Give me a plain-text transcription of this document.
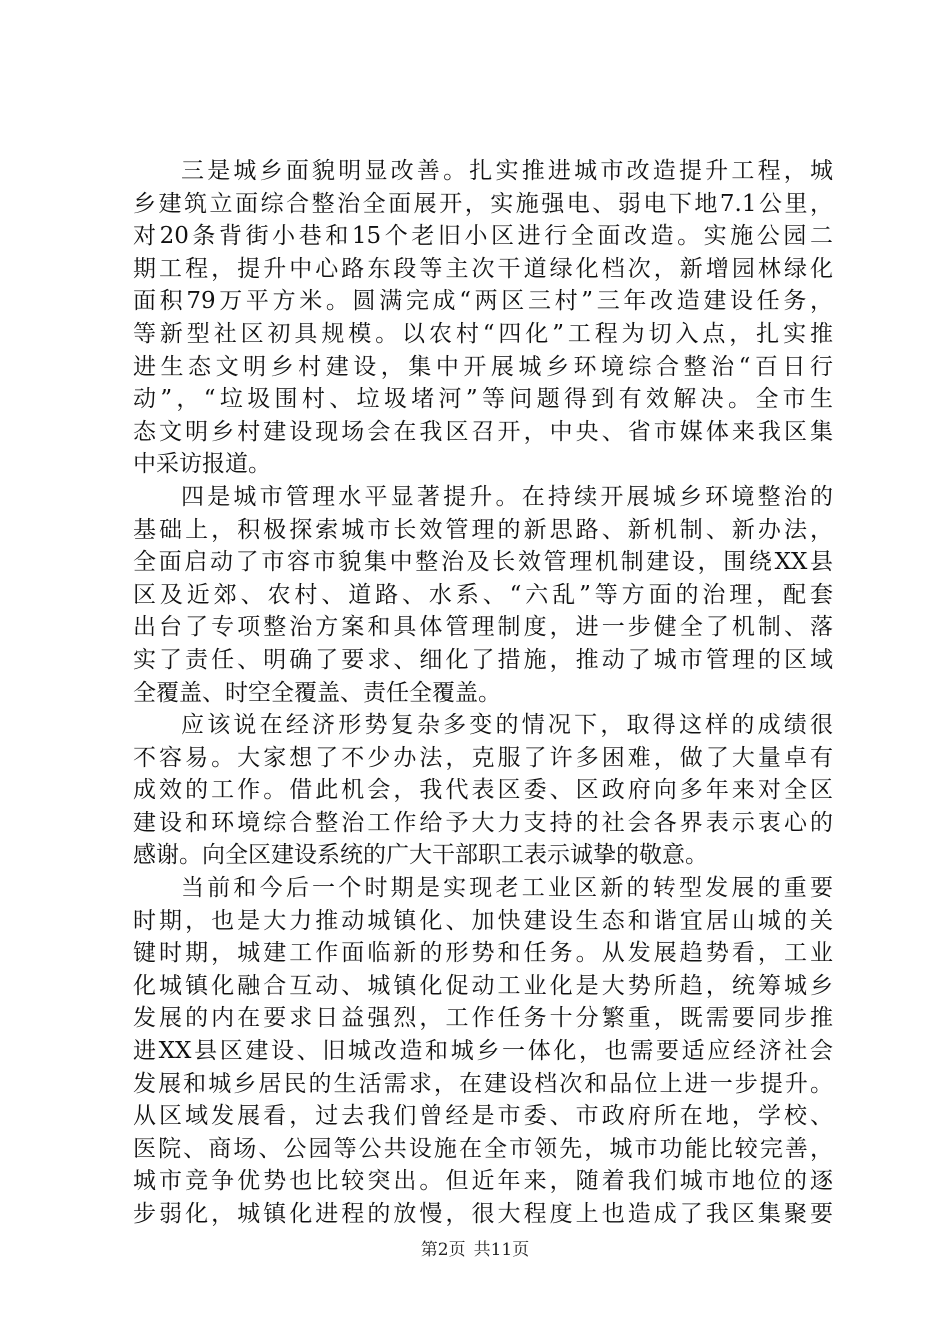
三是城乡面貌明显改善。扎实推进城市改造提升工程，城
乡建筑立面综合整治全面展开，实施强电、弱电下地7.1公里，
对20条背街小巷和15个老旧小区进行全面改造。实施公园二
期工程，提升中心路东段等主次干道绿化档次，新增园林绿化
面积79万平方米。圆满完成“两区三村”三年改造建设任务，
等新型社区初具规模。以农村“四化”工程为切入点，扎实推
进生态文明乡村建设，集中开展城乡环境综合整治“百日行
动”，“垃圾围村、垃圾堵河”等问题得到有效解决。全市生
态文明乡村建设现场会在我区召开，中央、省市媒体来我区集
中采访报道。
四是城市管理水平显著提升。在持续开展城乡环境整治的
基础上，积极探索城市长效管理的新思路、新机制、新办法，
全面启动了市容市貌集中整治及长效管理机制建设，围绕XX县
区及近郊、农村、道路、水系、“六乱”等方面的治理，配套
出台了专项整治方案和具体管理制度，进一步健全了机制、落
实了责任、明确了要求、细化了措施，推动了城市管理的区域
全覆盖、时空全覆盖、责任全覆盖。
应该说在经济形势复杂多变的情况下，取得这样的成绩很
不容易。大家想了不少办法，克服了许多困难，做了大量卓有
成效的工作。借此机会，我代表区委、区政府向多年来对全区
建设和环境综合整治工作给予大力支持的社会各界表示衷心的
感谢。向全区建设系统的广大干部职工表示诚挚的敬意。
当前和今后一个时期是实现老工业区新的转型发展的重要
时期，也是大力推动城镇化、加快建设生态和谐宜居山城的关
键时期，城建工作面临新的形势和任务。从发展趋势看，工业
化城镇化融合互动、城镇化促动工业化是大势所趋，统筹城乡
发展的内在要求日益强烈，工作任务十分繁重，既需要同步推
进XX县区建设、旧城改造和城乡一体化，也需要适应经济社会
发展和城乡居民的生活需求，在建设档次和品位上进一步提升。
从区域发展看，过去我们曾经是市委、市政府所在地，学校、
医院、商场、公园等公共设施在全市领先，城市功能比较完善，
城市竞争优势也比较突出。但近年来，随着我们城市地位的逐
步弱化，城镇化进程的放慢，很大程度上也造成了我区集聚要
第2页 共11页
